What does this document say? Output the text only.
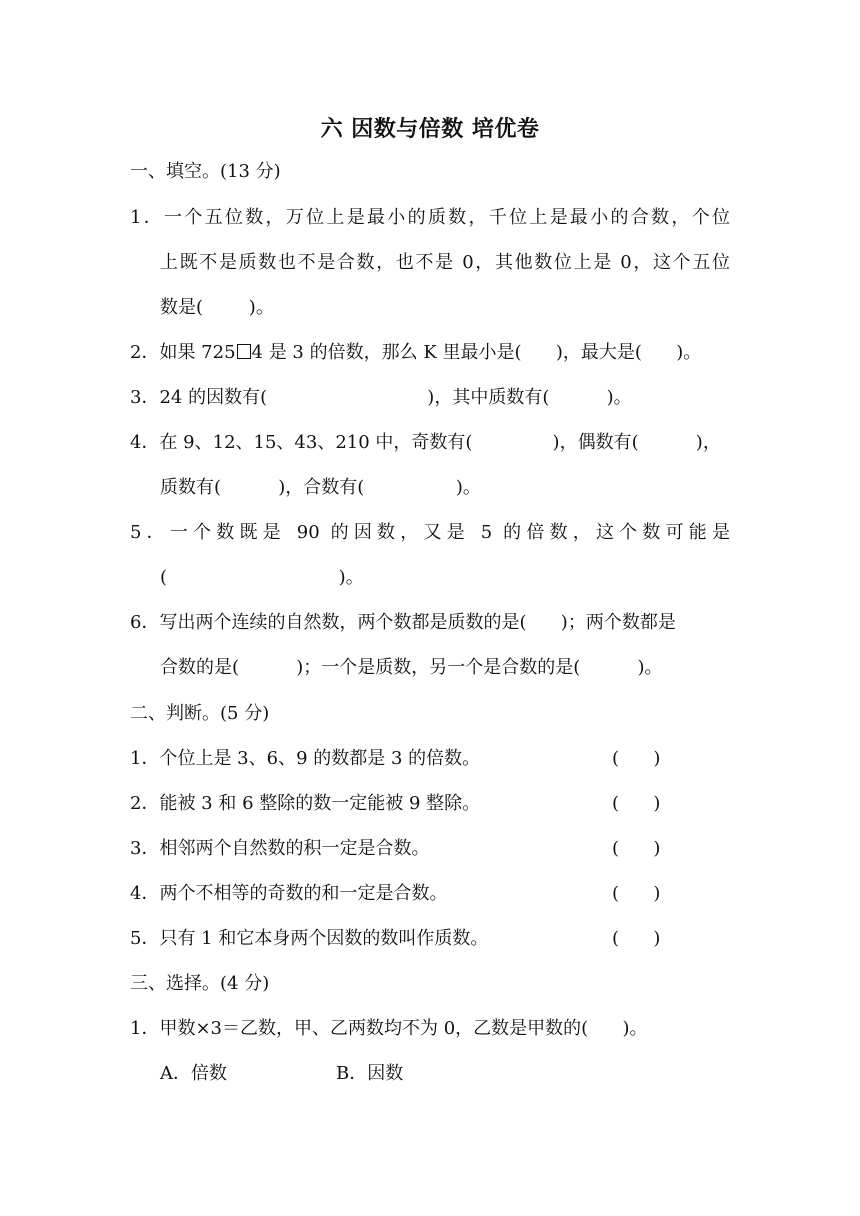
六 因数与倍数 培优卷
一、填空。(13 分)
1．一个五位数，万位上是最小的质数，千位上是最小的合数，个位
上既不是质数也不是合数，也不是 0，其他数位上是 0，这个五位
数是(        )。
2．如果 725 4 是 3 的倍数，那么 K 里最小是(      )，最大是(      )。
3．24 的因数有(                            )，其中质数有(          )。
4．在 9、12、15、43、210 中，奇数有(              )，偶数有(          )，
质数有(          )，合数有(                )。
5．一个数既是 90 的因数，又是 5 的倍数，这个数可能是
(                              )。
6．写出两个连续的自然数，两个数都是质数的是(      )；两个数都是
合数的是(          )；一个是质数，另一个是合数的是(          )。
二、判断。(5 分)
1．个位上是 3、6、9 的数都是 3 的倍数。	(      )
2．能被 3 和 6 整除的数一定能被 9 整除。	(      )
3．相邻两个自然数的积一定是合数。	(      )
4．两个不相等的奇数的和一定是合数。	(      )
5．只有 1 和它本身两个因数的数叫作质数。	(      )
三、选择。(4 分)
1．甲数×3＝乙数，甲、乙两数均不为 0，乙数是甲数的(      )。
A．倍数	B．因数
